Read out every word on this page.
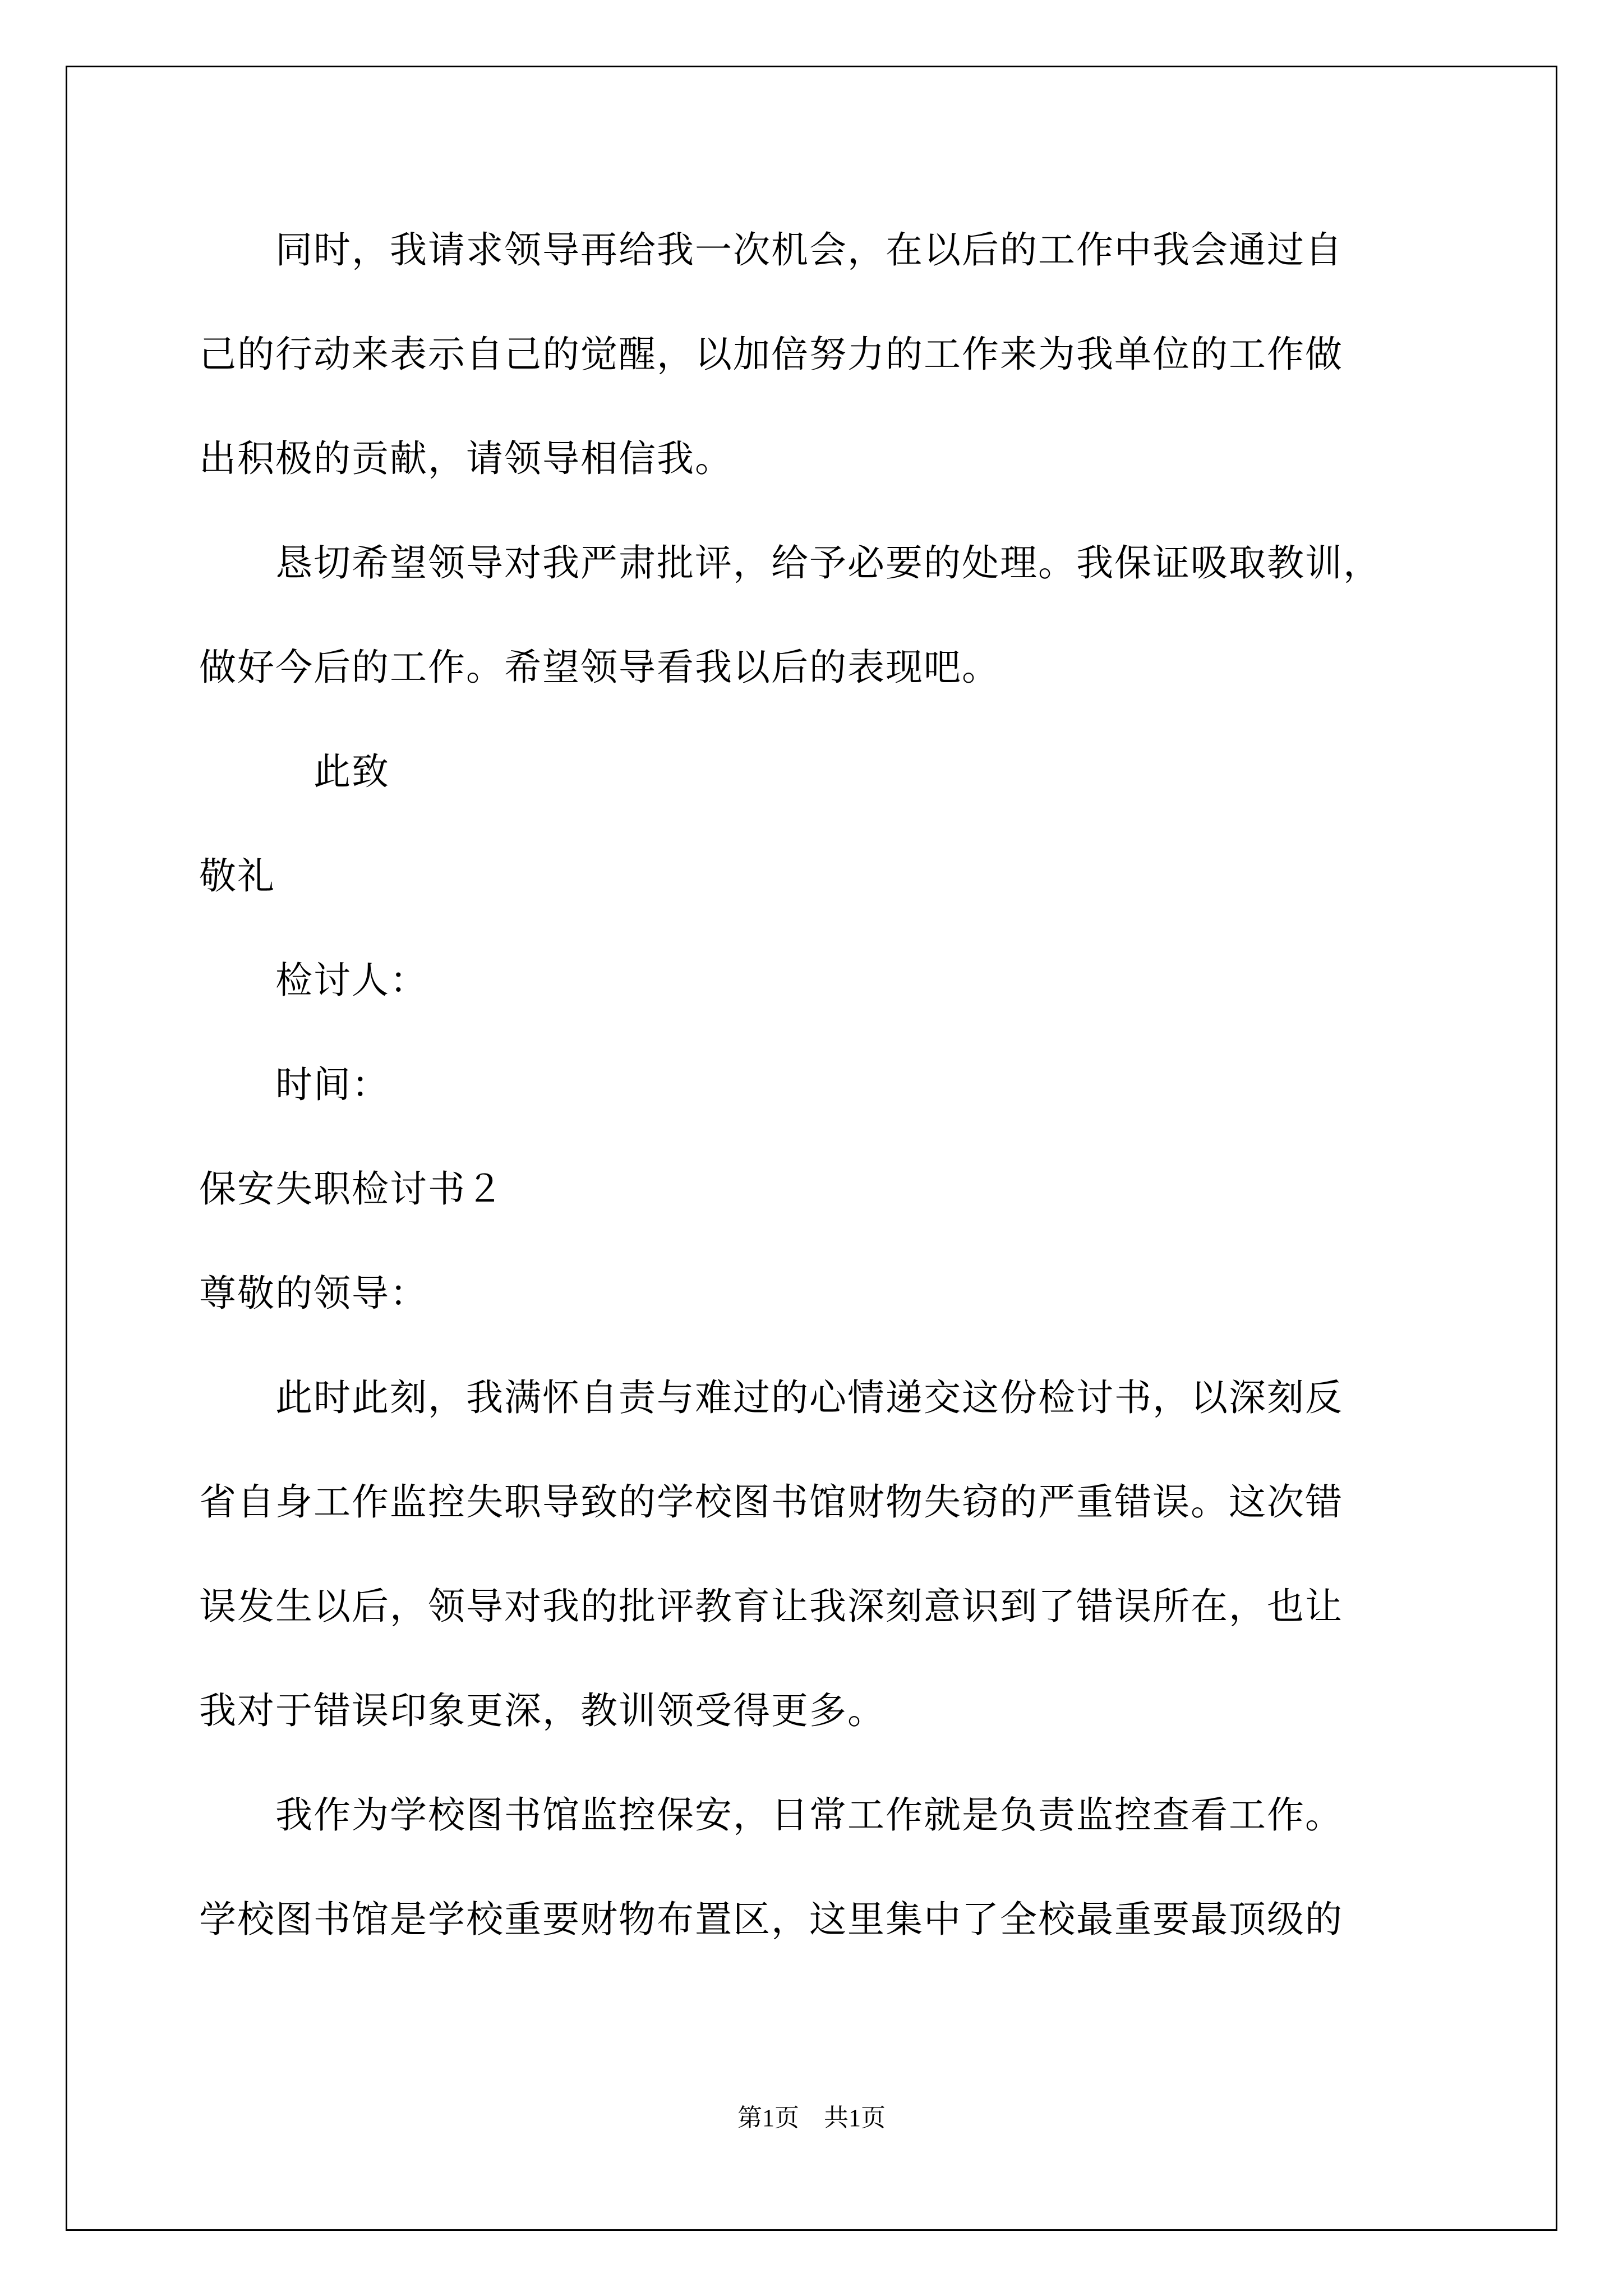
　　同时，我请求领导再给我一次机会，在以后的工作中我会通过自
己的行动来表示自己的觉醒，以加倍努力的工作来为我单位的工作做
出积极的贡献，请领导相信我。
　　恳切希望领导对我严肃批评，给予必要的处理。我保证吸取教训，
做好今后的工作。希望领导看我以后的表现吧。
　　　此致
敬礼
　　检讨人：
　　时间：
保安失职检讨书２
尊敬的领导：
　　此时此刻，我满怀自责与难过的心情递交这份检讨书，以深刻反
省自身工作监控失职导致的学校图书馆财物失窃的严重错误。这次错
误发生以后，领导对我的批评教育让我深刻意识到了错误所在，也让
我对于错误印象更深，教训领受得更多。
　　我作为学校图书馆监控保安，日常工作就是负责监控查看工作。
学校图书馆是学校重要财物布置区，这里集中了全校最重要最顶级的
第1页　共1页
